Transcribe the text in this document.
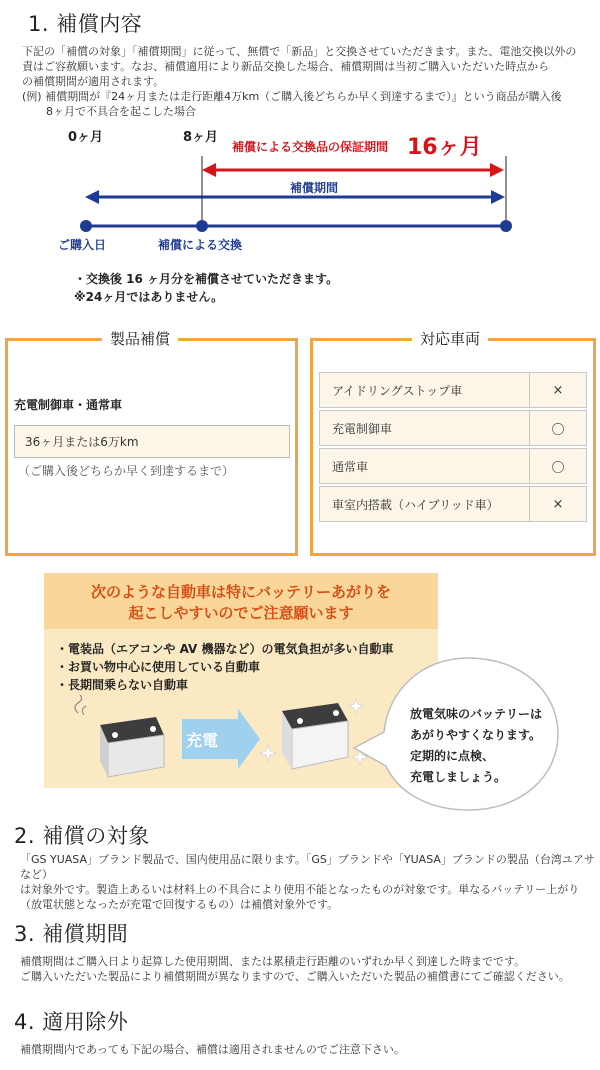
1. 補償内容
下記の「補償の対象」「補償期間」に従って、無償で「新品」と交換させていただきます。また、電池交換以外の
責はご容赦願います。なお、補償適用により新品交換した場合、補償期間は当初ご購入いただいた時点から
の補償期間が適用されます。
(例) 補償期間が『24ヶ月または走行距離4万km（ご購入後どちらか早く到達するまで）』という商品が購入後
8ヶ月で不具合を起こした場合
0ヶ月	8ヶ月
補償による交換品の保証期間 16ヶ月
補償期間
ご購入日	補償による交換
・交換後 16 ヶ月分を補償させていただきます。
※24ヶ月ではありません。
製品補償
充電制御車・通常車
36ヶ月または6万km
（ご購入後どちらか早く到達するまで）
対応車両
アイドリングストップ車	×
充電制御車	〇
通常車	〇
車室内搭載（ハイブリッド車）	×
次のような自動車は特にバッテリーあがりを
起こしやすいのでご注意願います
・電装品（エアコンや AV 機器など）の電気負担が多い自動車
・お買い物中心に使用している自動車
・長期間乗らない自動車
充電
放電気味のバッテリーは
あがりやすくなります。
定期的に点検、
充電しましょう。
2. 補償の対象
「GS YUASA」ブランド製品で、国内使用品に限ります。「GS」ブランドや「YUASA」ブランドの製品（台湾ユアサなど）
は対象外です。製造上あるいは材料上の不具合により使用不能となったものが対象です。単なるバッテリー上がり
（放電状態となったが充電で回復するもの）は補償対象外です。
3. 補償期間
補償期間はご購入日より起算した使用期間、または累積走行距離のいずれか早く到達した時までです。
ご購入いただいた製品により補償期間が異なりますので、ご購入いただいた製品の補償書にてご確認ください。
4. 適用除外
補償期間内であっても下記の場合、補償は適用されませんのでご注意下さい。
